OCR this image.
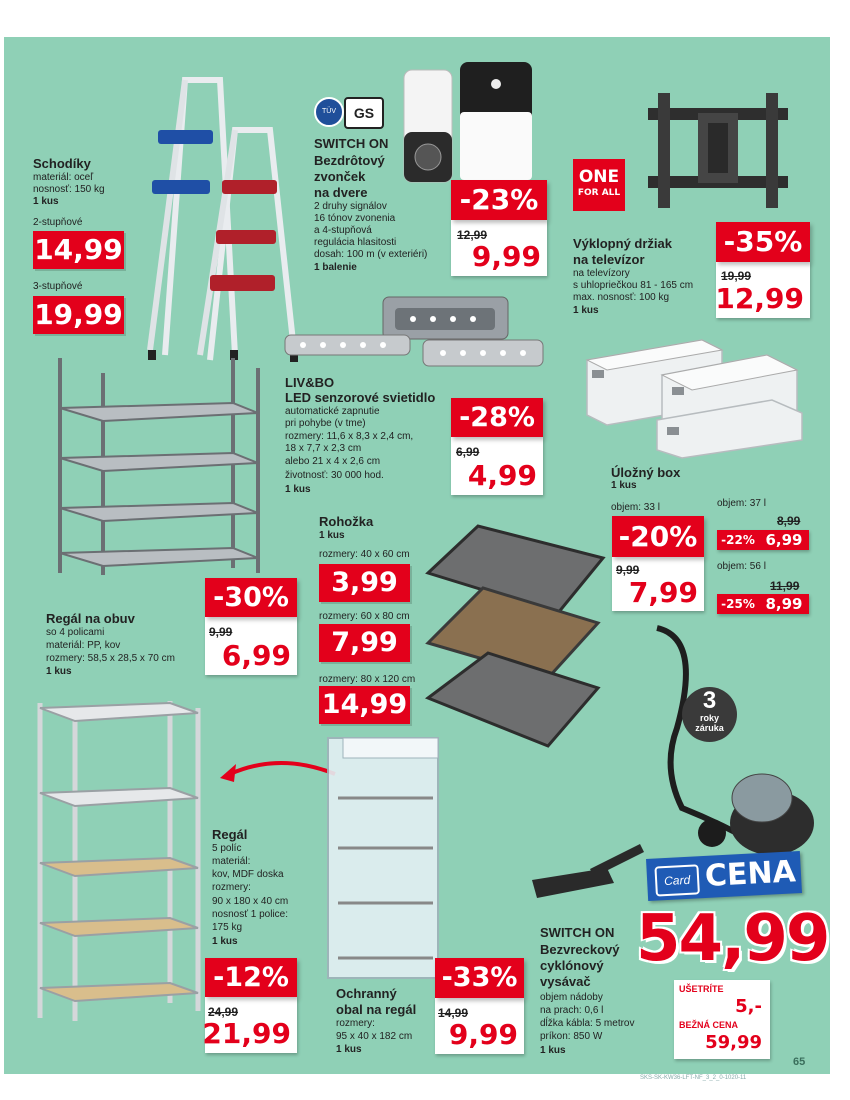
Schodíky
materiál: oceľ
nosnosť: 150 kg
1 kus
2-stupňové
14,99
3-stupňové
19,99
TÜV	GS
SWITCH ON
Bezdrôtový
zvonček
na dvere
2 druhy signálov
16 tónov zvonenia
a 4-stupňová
regulácia hlasitosti
dosah: 100 m (v exteriéri)
1 balenie
12,99
9,99
-23%
ONE
FOR ALL
Výklopný držiak
na televízor
na televízory
s uhlopriečkou 81 - 165 cm
max. nosnosť: 100 kg
1 kus
19,99
12,99
-35%
LIV&BO
LED senzorové svietidlo
automatické zapnutie
pri pohybe (v tme)
rozmery: 11,6 x 8,3 x 2,4 cm,
18 x 7,7 x 2,3 cm
alebo 21 x 4 x 2,6 cm
životnosť: 30 000 hod.
1 kus
6,99
4,99
-28%
Úložný box
1 kus
objem: 33 l
9,99
7,99
-20%
objem: 37 l
8,99
-22% 6,99
objem: 56 l
11,99
-25% 8,99
Regál na obuv
so 4 policami
materiál: PP, kov
rozmery: 58,5 x 28,5 x 70 cm
1 kus
9,99
6,99
-30%
Rohožka
1 kus
rozmery: 40 x 60 cm
3,99
rozmery: 60 x 80 cm
7,99
rozmery: 80 x 120 cm
14,99
Regál
5 políc
materiál:
kov, MDF doska
rozmery:
90 x 180 x 40 cm
nosnosť 1 police:
175 kg
1 kus
24,99
21,99
-12%
Ochranný
obal na regál
rozmery:
95 x 40 x 182 cm
1 kus
14,99
9,99
-33%
3
roky
záruka
Card CENA
54,99
UŠETRÍTE
5,-
BEŽNÁ CENA
59,99
SWITCH ON
Bezvreckový
cyklónový
vysávač
objem nádoby
na prach: 0,6 l
dĺžka kábla: 5 metrov
príkon: 850 W
1 kus
65
SKS-SK-KW36-LFT-NF_3_2_0-1020-11
